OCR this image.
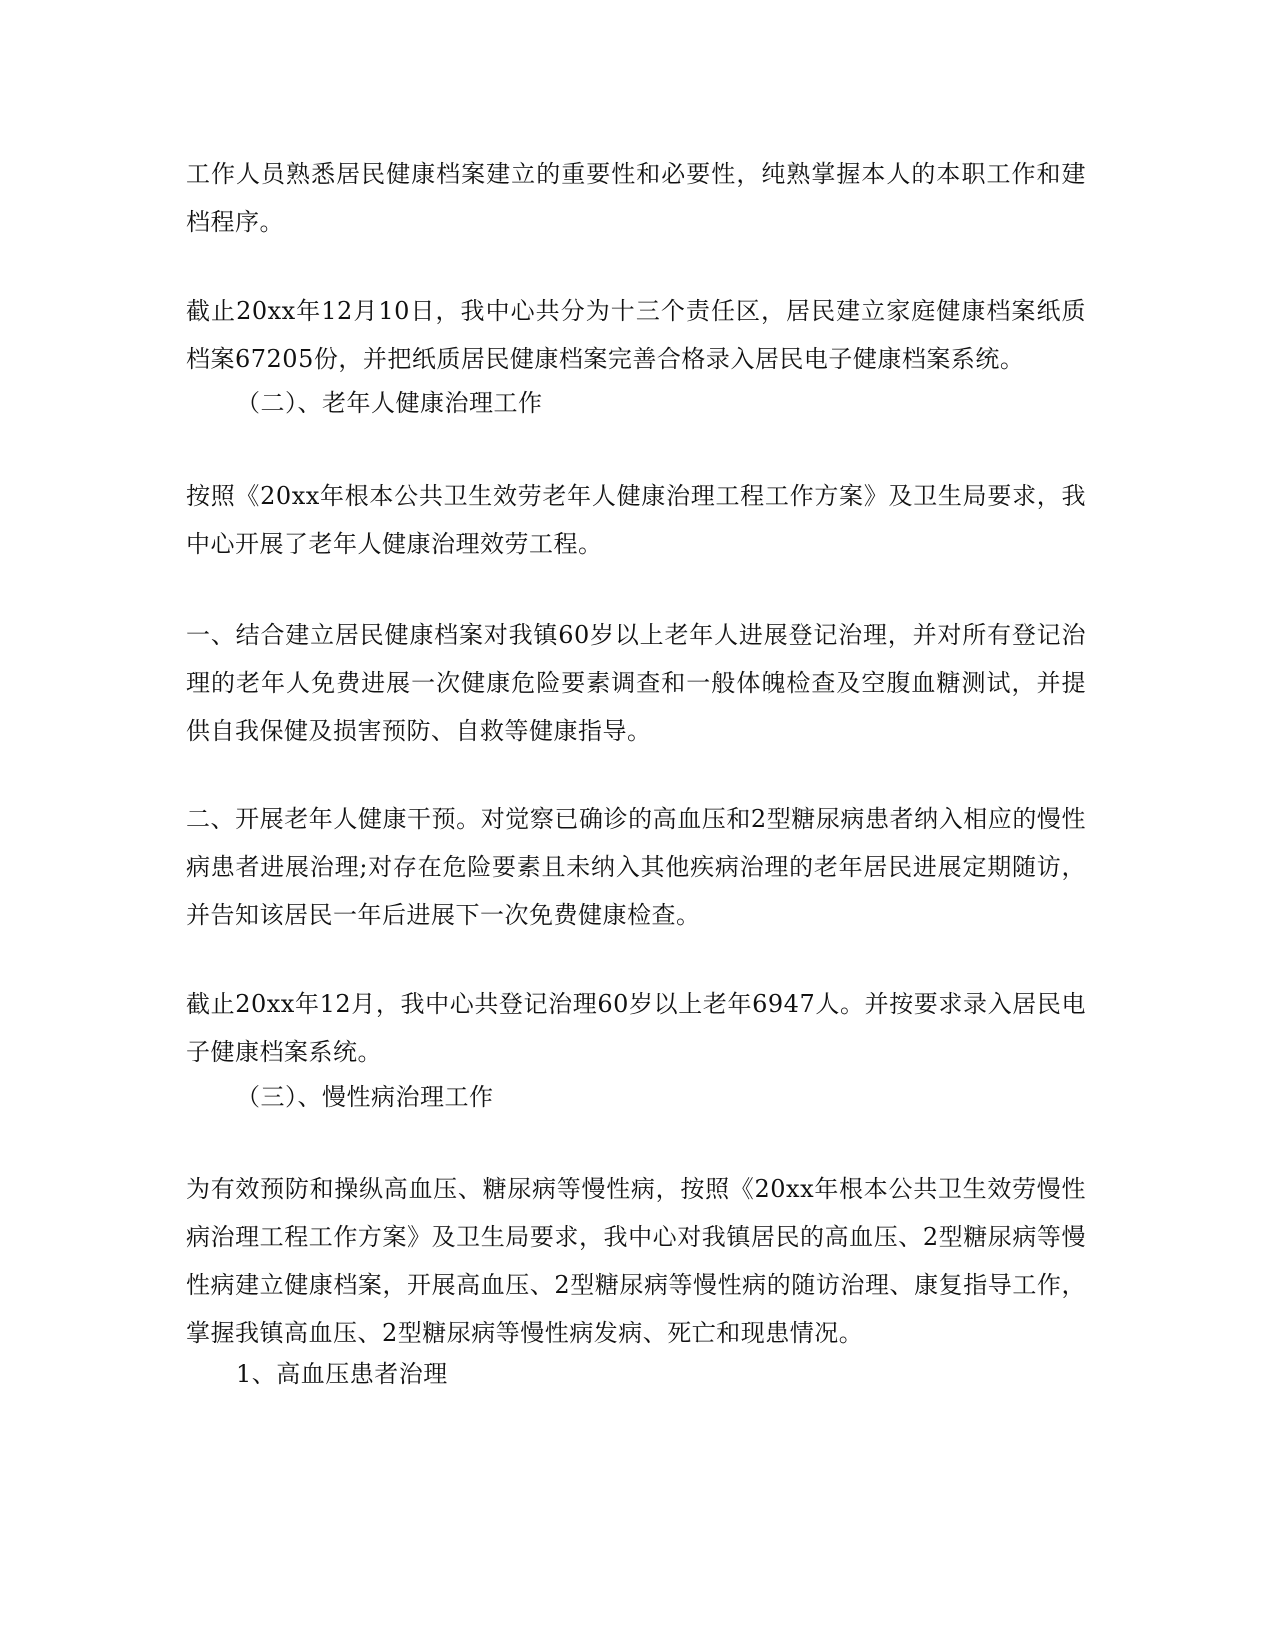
工作人员熟悉居民健康档案建立的重要性和必要性，纯熟掌握本人的本职工作和建档程序。

截止20xx年12月10日，我中心共分为十三个责任区，居民建立家庭健康档案纸质档案67205份，并把纸质居民健康档案完善合格录入居民电子健康档案系统。

（二）、老年人健康治理工作

按照《20xx年根本公共卫生效劳老年人健康治理工程工作方案》及卫生局要求，我中心开展了老年人健康治理效劳工程。

一、结合建立居民健康档案对我镇60岁以上老年人进展登记治理，并对所有登记治理的老年人免费进展一次健康危险要素调查和一般体魄检查及空腹血糖测试，并提供自我保健及损害预防、自救等健康指导。

二、开展老年人健康干预。对觉察已确诊的高血压和2型糖尿病患者纳入相应的慢性病患者进展治理;对存在危险要素且未纳入其他疾病治理的老年居民进展定期随访，并告知该居民一年后进展下一次免费健康检查。

截止20xx年12月，我中心共登记治理60岁以上老年6947人。并按要求录入居民电子健康档案系统。

（三）、慢性病治理工作

为有效预防和操纵高血压、糖尿病等慢性病，按照《20xx年根本公共卫生效劳慢性病治理工程工作方案》及卫生局要求，我中心对我镇居民的高血压、2型糖尿病等慢性病建立健康档案，开展高血压、2型糖尿病等慢性病的随访治理、康复指导工作，掌握我镇高血压、2型糖尿病等慢性病发病、死亡和现患情况。

1、高血压患者治理
